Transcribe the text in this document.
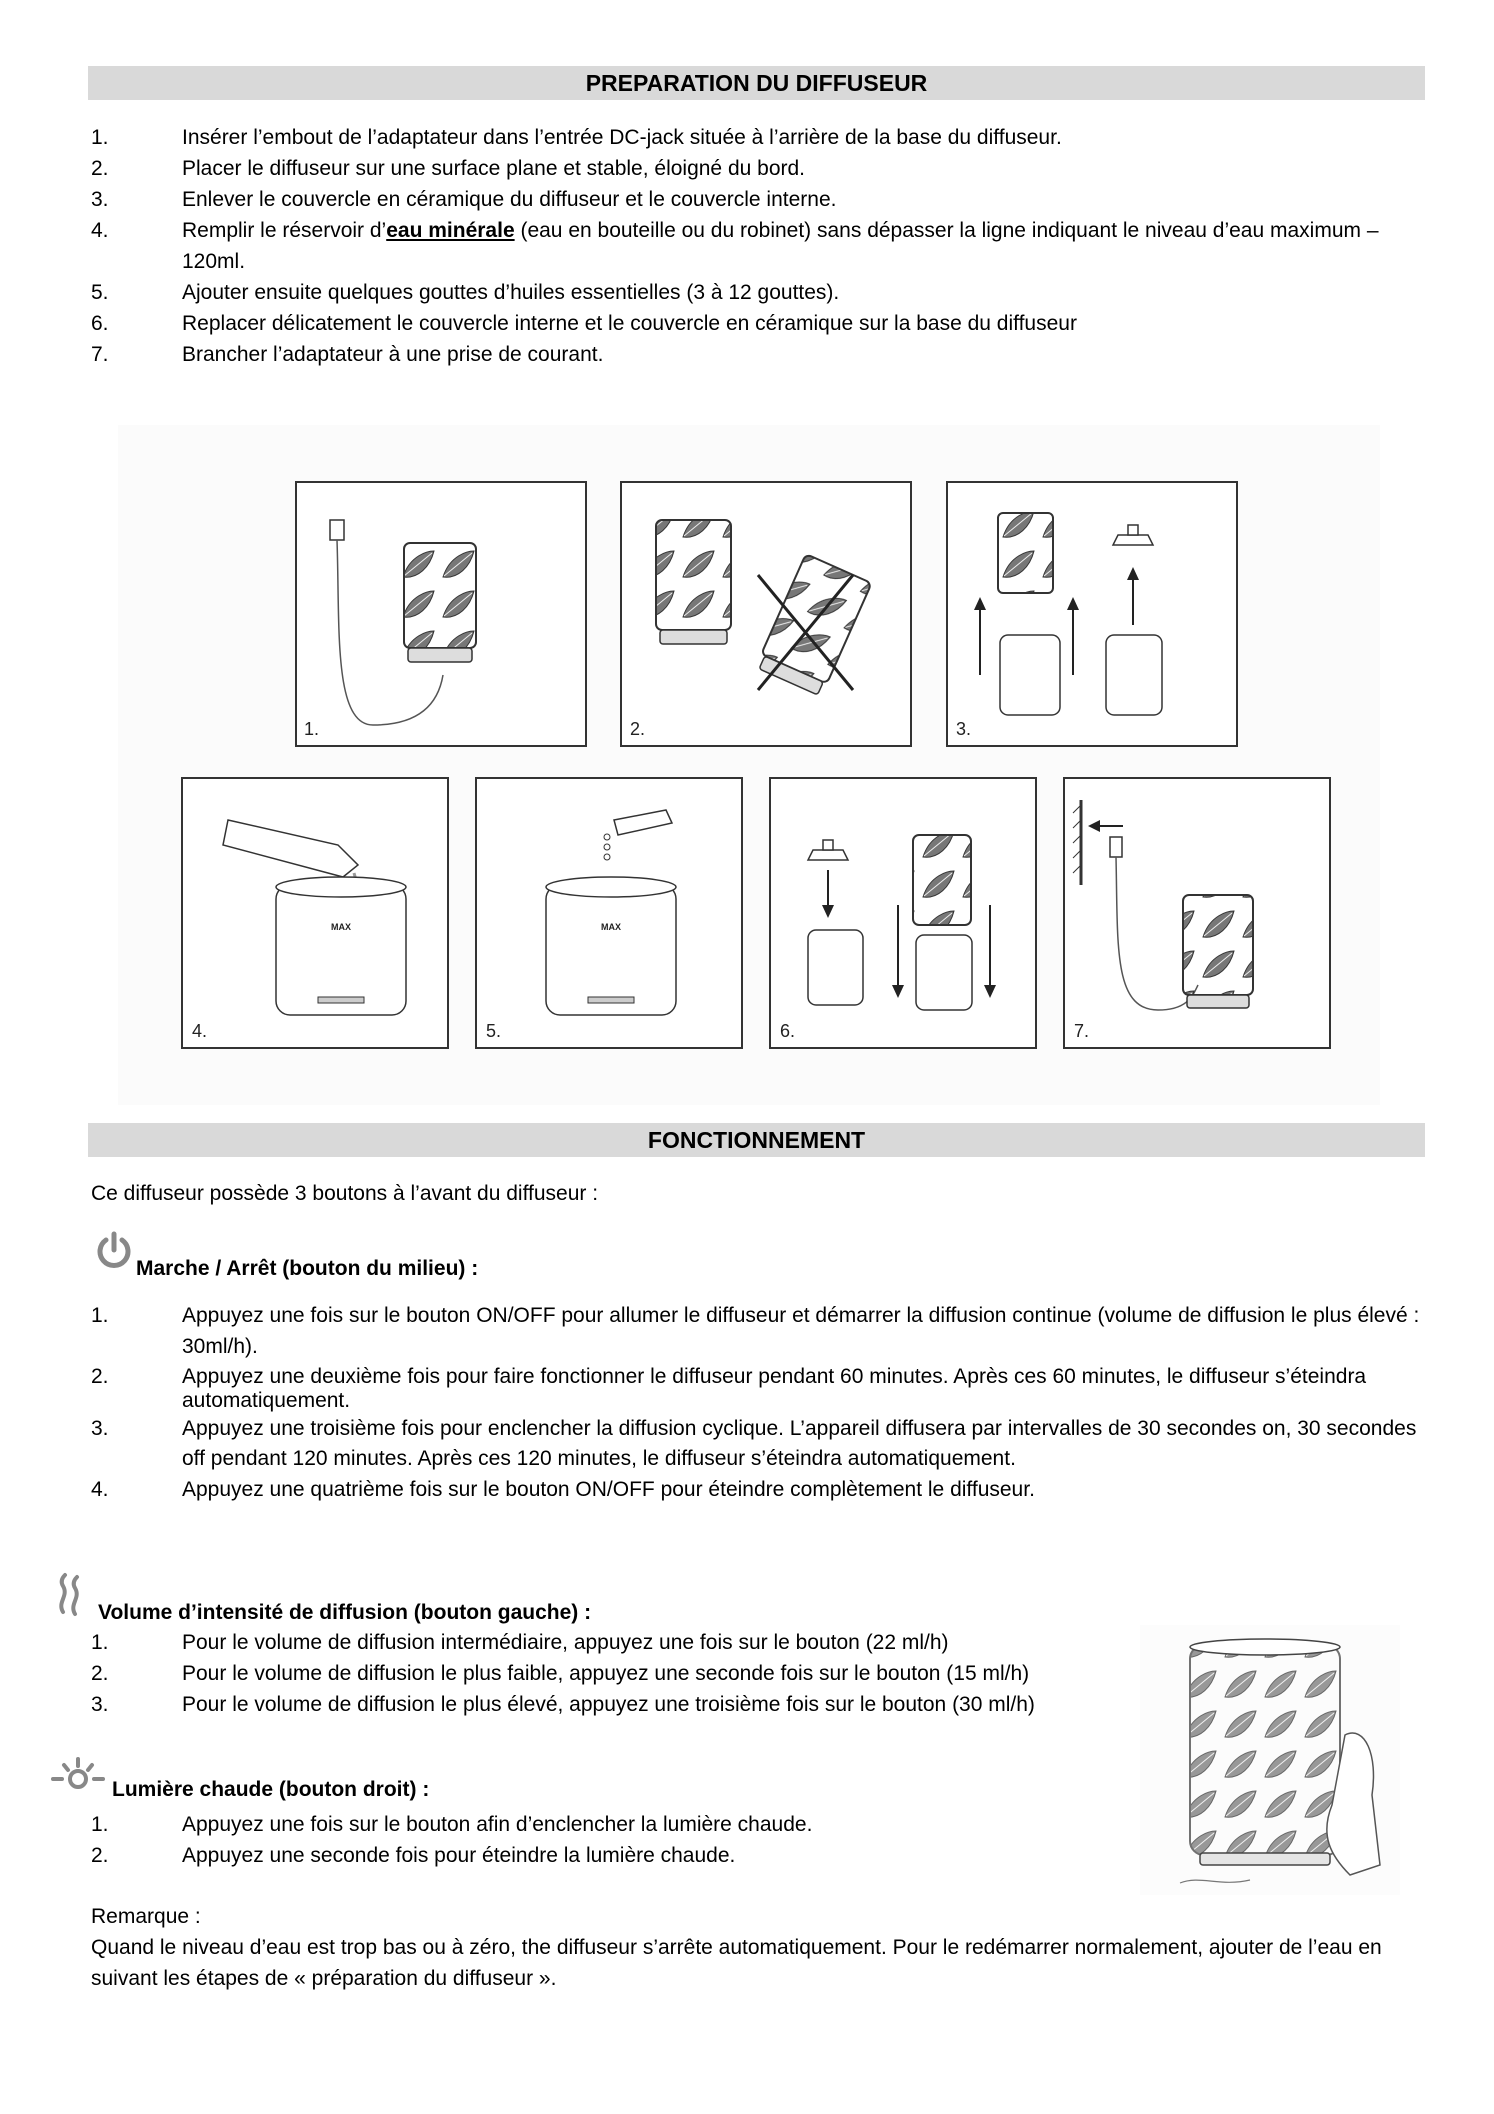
PREPARATION DU DIFFUSEUR
1.	Insérer l’embout de l’adaptateur dans l’entrée DC-jack située à l’arrière de la base du diffuseur.
2.	Placer le diffuseur sur une surface plane et stable, éloigné du bord.
3.	Enlever le couvercle en céramique du diffuseur et le couvercle interne.
4.	Remplir le réservoir d’eau minérale (eau en bouteille ou du robinet) sans dépasser la ligne indiquant le niveau d’eau maximum – 120ml.
5.	Ajouter ensuite quelques gouttes d’huiles essentielles (3 à 12 gouttes).
6.	Replacer délicatement le couvercle interne et le couvercle en céramique sur la base du diffuseur
7.	Brancher l’adaptateur à une prise de courant.
1.	2.	3.
MAX
4.
MAX
5.	6.	7.
FONCTIONNEMENT
Ce diffuseur possède 3 boutons à l’avant du diffuseur :
Marche / Arrêt (bouton du milieu) :
1.	Appuyez une fois sur le bouton ON/OFF pour allumer le diffuseur et démarrer la diffusion continue (volume de diffusion le plus élevé : 30ml/h).
2.	Appuyez une deuxième fois pour faire fonctionner le diffuseur pendant 60 minutes. Après ces 60 minutes, le diffuseur s’éteindra automatiquement.
3.	Appuyez une troisième fois pour enclencher la diffusion cyclique. L’appareil diffusera par intervalles de 30 secondes on, 30 secondes off pendant 120 minutes. Après ces 120 minutes, le diffuseur s’éteindra automatiquement.
4.	Appuyez une quatrième fois sur le bouton ON/OFF pour éteindre complètement le diffuseur.
Volume d’intensité de diffusion (bouton gauche) :
1.	Pour le volume de diffusion intermédiaire, appuyez une fois sur le bouton (22 ml/h)
2.	Pour le volume de diffusion le plus faible, appuyez une seconde fois sur le bouton (15 ml/h)
3.	Pour le volume de diffusion le plus élevé, appuyez une troisième fois sur le bouton (30 ml/h)
Lumière chaude (bouton droit) :
1.	Appuyez une fois sur le bouton afin d’enclencher la lumière chaude.
2.	Appuyez une seconde fois pour éteindre la lumière chaude.
Remarque :
Quand le niveau d’eau est trop bas ou à zéro, the diffuseur s’arrête automatiquement. Pour le redémarrer normalement, ajouter de l’eau en suivant les étapes de « préparation du diffuseur ».
